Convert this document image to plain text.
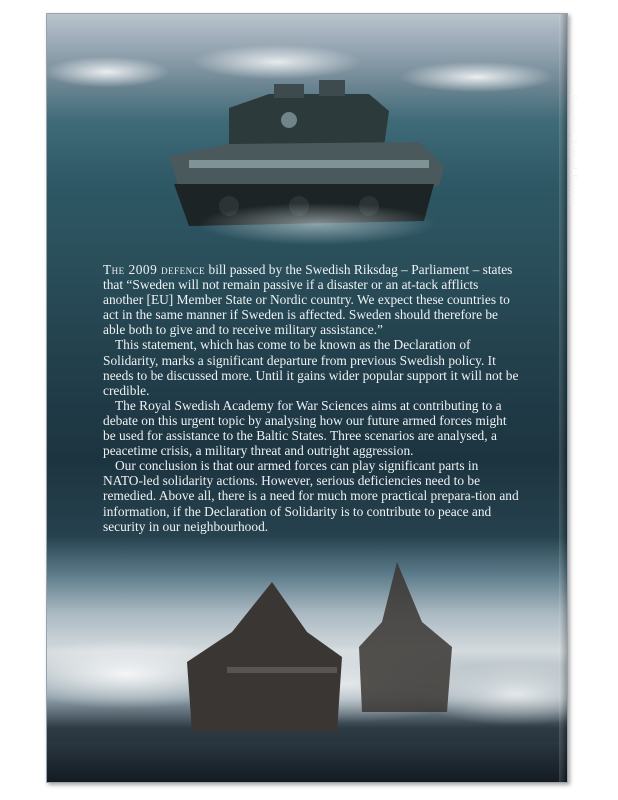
Swedish Armed Forces

The 2009 defence bill passed by the Swedish Riksdag – Parliament – states that “Sweden will not remain passive if a disaster or an at-tack afflicts another [EU] Member State or Nordic country. We expect these countries to act in the same manner if Sweden is affected. Sweden should therefore be able both to give and to receive military assistance.”

This statement, which has come to be known as the Declaration of Solidarity, marks a significant departure from previous Swedish policy. It needs to be discussed more. Until it gains wider popular support it will not be credible.

The Royal Swedish Academy for War Sciences aims at contributing to a debate on this urgent topic by analysing how our future armed forces might be used for assistance to the Baltic States. Three scenarios are analysed, a peacetime crisis, a military threat and outright aggression.

Our conclusion is that our armed forces can play significant parts in NATO-led solidarity actions. However, serious deficiencies need to be remedied. Above all, there is a need for much more practical prepara-tion and information, if the Declaration of Solidarity is to contribute to peace and security in our neighbourhood.
